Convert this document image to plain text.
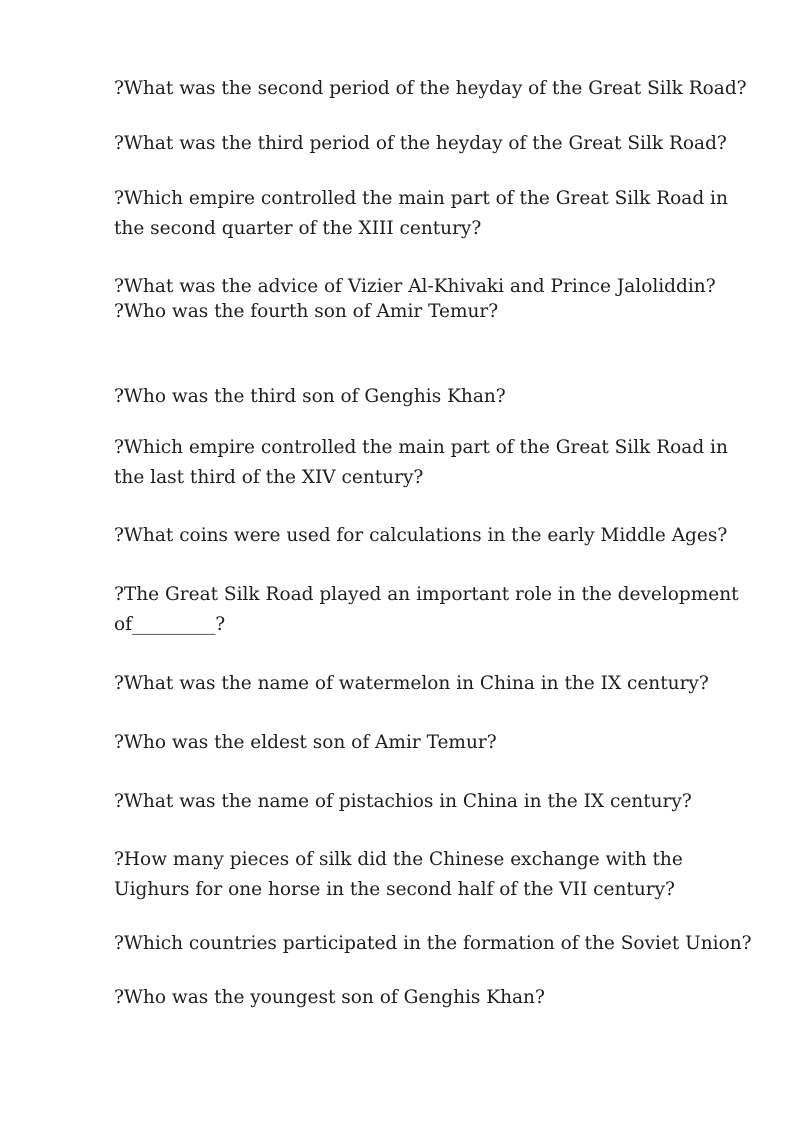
?What was the second period of the heyday of the Great Silk Road?

?What was the third period of the heyday of the Great Silk Road?

?Which empire controlled the main part of the Great Silk Road in the second quarter of the XIII century?

?What was the advice of Vizier Al-Khivaki and Prince Jaloliddin?

?Who was the fourth son of Amir Temur?

?Who was the third son of Genghis Khan?

?Which empire controlled the main part of the Great Silk Road in the last third of the XIV century?

?What coins were used for calculations in the early Middle Ages?

?The Great Silk Road played an important role in the development of_________?

?What was the name of watermelon in China in the IX century?

?Who was the eldest son of Amir Temur?

?What was the name of pistachios in China in the IX century?

?How many pieces of silk did the Chinese exchange with the Uighurs for one horse in the second half of the VII century?

?Which countries participated in the formation of the Soviet Union?

?Who was the youngest son of Genghis Khan?
